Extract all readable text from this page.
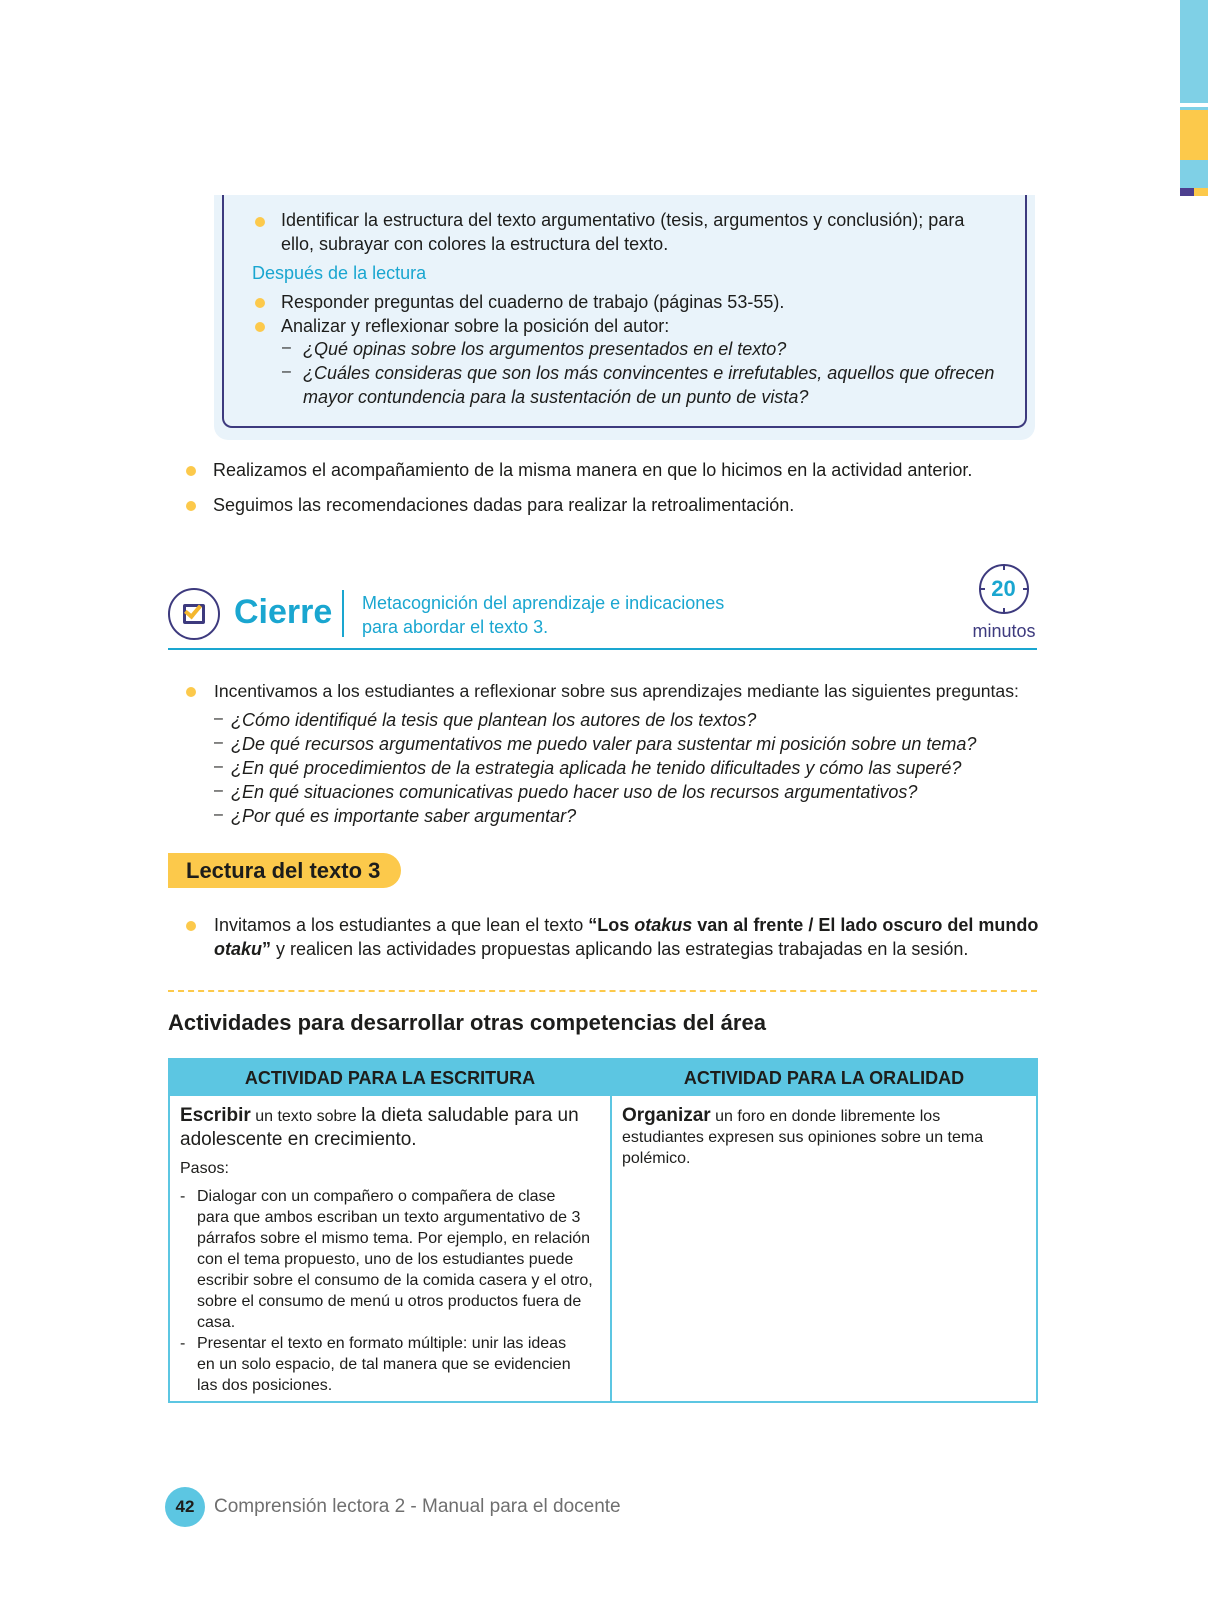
Identificar la estructura del texto argumentativo (tesis, argumentos y conclusión); para
ello, subrayar con colores la estructura del texto.
Después de la lectura
Responder preguntas del cuaderno de trabajo (páginas 53-55).
Analizar y reflexionar sobre la posición del autor:
– ¿Qué opinas sobre los argumentos presentados en el texto?
– ¿Cuáles consideras que son los más convincentes e irrefutables, aquellos que ofrecen
mayor contundencia para la sustentación de un punto de vista?
Realizamos el acompañamiento de la misma manera en que lo hicimos en la actividad anterior.
Seguimos las recomendaciones dadas para realizar la retroalimentación.
Cierre Metacognición del aprendizaje e indicaciones
para abordar el texto 3.
20
minutos
Incentivamos a los estudiantes a reflexionar sobre sus aprendizajes mediante las siguientes preguntas:
– ¿Cómo identifiqué la tesis que plantean los autores de los textos?
– ¿De qué recursos argumentativos me puedo valer para sustentar mi posición sobre un tema?
– ¿En qué procedimientos de la estrategia aplicada he tenido dificultades y cómo las superé?
– ¿En qué situaciones comunicativas puedo hacer uso de los recursos argumentativos?
– ¿Por qué es importante saber argumentar?
Lectura del texto 3
Invitamos a los estudiantes a que lean el texto “Los otakus van al frente / El lado oscuro del mundo
otaku” y realicen las actividades propuestas aplicando las estrategias trabajadas en la sesión.
Actividades para desarrollar otras competencias del área
ACTIVIDAD PARA LA ESCRITURA	ACTIVIDAD PARA LA ORALIDAD
Escribir un texto sobre la dieta saludable para un
adolescente en crecimiento.
Pasos:
- Dialogar con un compañero o compañera de clase
para que ambos escriban un texto argumentativo de 3
párrafos sobre el mismo tema. Por ejemplo, en relación
con el tema propuesto, uno de los estudiantes puede
escribir sobre el consumo de la comida casera y el otro,
sobre el consumo de menú u otros productos fuera de
casa.
- Presentar el texto en formato múltiple: unir las ideas
en un solo espacio, de tal manera que se evidencien
las dos posiciones.
Organizar un foro en donde libremente los
estudiantes expresen sus opiniones sobre un tema
polémico.
42	Comprensión lectora 2 - Manual para el docente
